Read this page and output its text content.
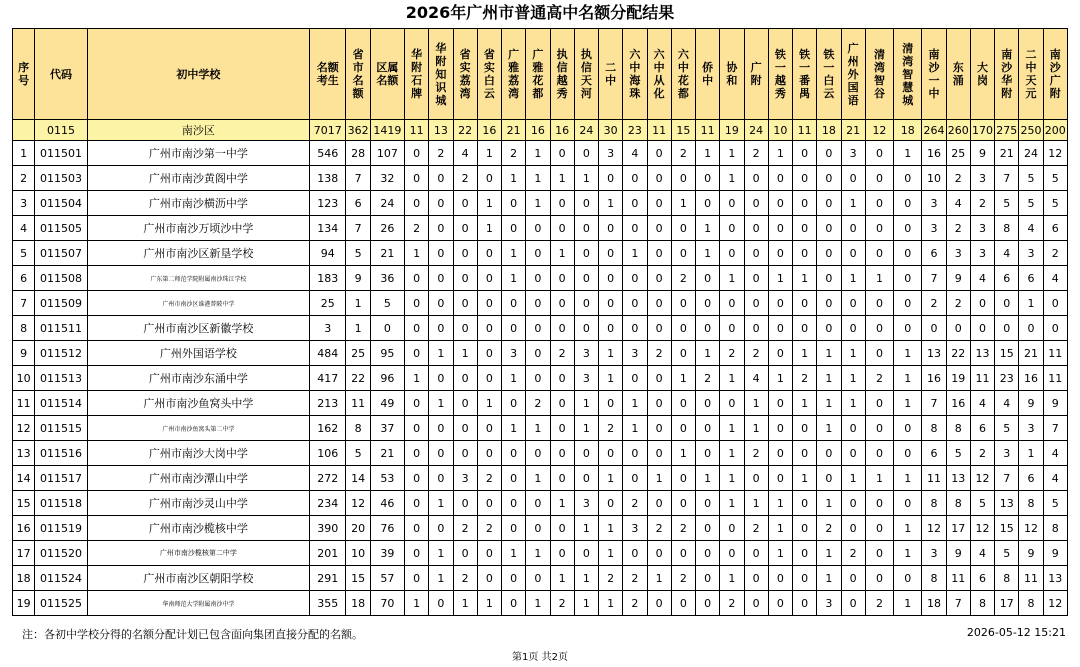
2026年广州市普通高中名额分配结果
序号	代码	初中学校	名额考生	省市名额	区属名额	华附石牌	华附知识城	省实荔湾	省实白云	广雅荔湾	广雅花都	执信越秀	执信天河	二中	六中海珠	六中从化	六中花都	侨中	协和	广附	铁一越秀	铁一番禺	铁一白云	广州外国语	清湾智谷	清湾智慧城	南沙一中	东涌	大岗	南沙华附	二中天元	南沙广附
	0115	南沙区	7017	362	1419	11	13	22	16	21	16	16	24	30	23	11	15	11	19	24	10	11	18	21	12	18	264	260	170	275	250	200
1	011501	广州市南沙第一中学	546	28	107	0	2	4	1	2	1	0	0	3	4	0	2	1	1	2	1	0	0	3	0	1	16	25	9	21	24	12
2	011503	广州市南沙黄阁中学	138	7	32	0	0	2	0	1	1	1	1	0	0	0	0	0	1	0	0	0	0	0	0	0	10	2	3	7	5	5
3	011504	广州市南沙横沥中学	123	6	24	0	0	0	1	0	1	0	0	1	0	0	1	0	0	0	0	0	0	1	0	0	3	4	2	5	5	5
4	011505	广州市南沙万顷沙中学	134	7	26	2	0	0	1	0	0	0	0	0	0	0	0	1	0	0	0	0	0	0	0	0	3	2	3	8	4	6
5	011507	广州市南沙区新垦学校	94	5	21	1	0	0	0	1	0	1	0	0	1	0	0	1	0	0	0	0	0	0	0	0	6	3	3	4	3	2
6	011508	广东第二师范学院附属南沙珠江学校	183	9	36	0	0	0	0	1	0	0	0	0	0	0	2	0	1	0	1	1	0	1	1	0	7	9	4	6	6	4
7	011509	广州市南沙区谁港普陂中学	25	1	5	0	0	0	0	0	0	0	0	0	0	0	0	0	0	0	0	0	0	0	0	0	2	2	0	0	1	0
8	011511	广州市南沙区新徽学校	3	1	0	0	0	0	0	0	0	0	0	0	0	0	0	0	0	0	0	0	0	0	0	0	0	0	0	0	0	0
9	011512	广州外国语学校	484	25	95	0	1	1	0	3	0	2	3	1	3	2	0	1	2	2	0	1	1	1	0	1	13	22	13	15	21	11
10	011513	广州市南沙东涌中学	417	22	96	1	0	0	0	1	0	0	3	1	0	0	1	2	1	4	1	2	1	1	2	1	16	19	11	23	16	11
11	011514	广州市南沙鱼窝头中学	213	11	49	0	1	0	1	0	2	0	1	0	1	0	0	0	0	1	0	1	1	1	0	1	7	16	4	4	9	9
12	011515	广州市南沙鱼窝头第二中学	162	8	37	0	0	0	0	1	1	0	1	2	1	0	0	0	1	1	0	0	1	0	0	0	8	8	6	5	3	7
13	011516	广州市南沙大岗中学	106	5	21	0	0	0	0	0	0	0	0	0	0	0	1	0	1	2	0	0	0	0	0	0	6	5	2	3	1	4
14	011517	广州市南沙潭山中学	272	14	53	0	0	3	2	0	1	0	0	1	0	1	0	1	1	0	0	1	0	1	1	1	11	13	12	7	6	4
15	011518	广州市南沙灵山中学	234	12	46	0	1	0	0	0	0	1	3	0	2	0	0	0	1	1	1	0	1	0	0	0	8	8	5	13	8	5
16	011519	广州市南沙榄核中学	390	20	76	0	0	2	2	0	0	0	1	1	3	2	2	0	0	2	1	0	2	0	0	1	12	17	12	15	12	8
17	011520	广州市南沙榄核第二中学	201	10	39	0	1	0	0	1	1	0	0	1	0	0	0	0	0	0	1	0	1	2	0	1	3	9	4	5	9	9
18	011524	广州市南沙区朝阳学校	291	15	57	0	1	2	0	0	0	1	1	2	2	1	2	0	1	0	0	0	1	0	0	0	8	11	6	8	11	13
19	011525	华南师范大学附属南沙中学	355	18	70	1	0	1	1	0	1	2	1	1	2	0	0	0	2	0	0	0	3	0	2	1	18	7	8	17	8	12
注：各初中学校分得的名额分配计划已包含面向集团直接分配的名额。	2026-05-12 15:21
第1页 共2页
